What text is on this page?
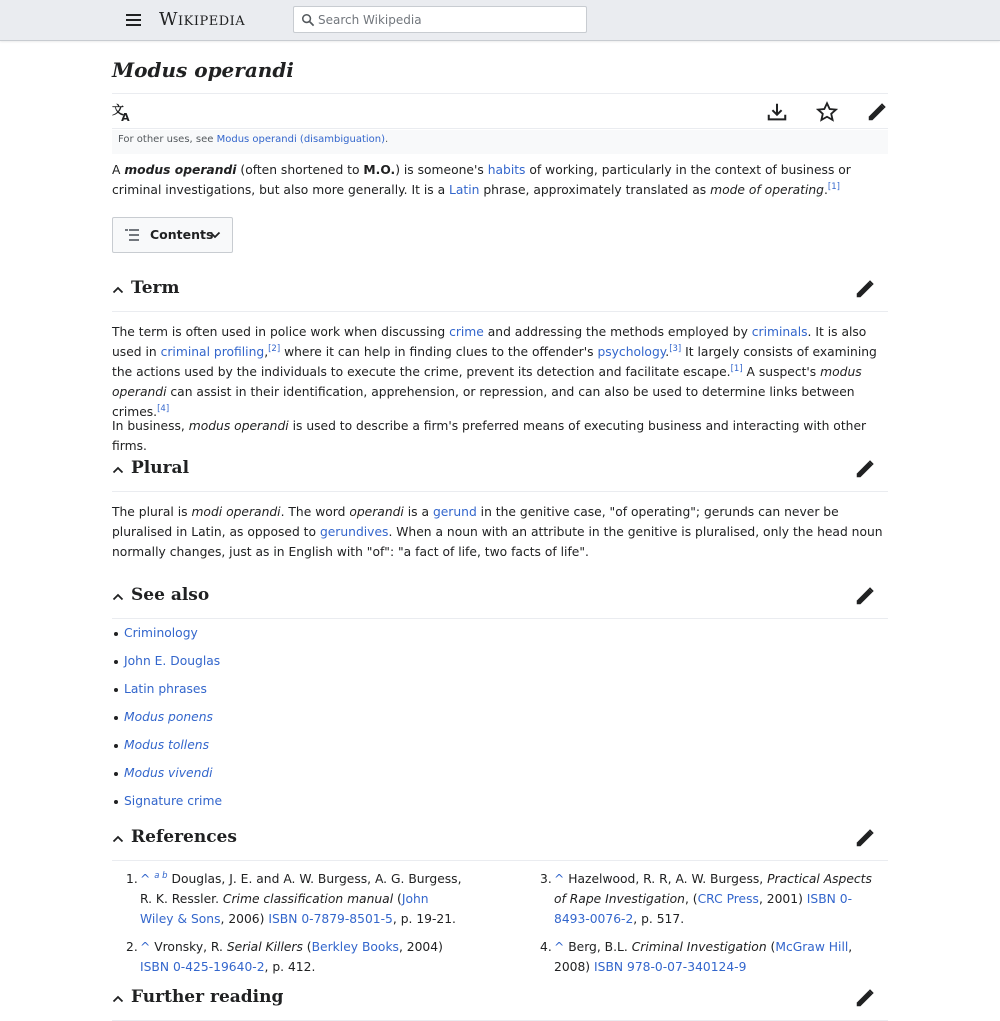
Wikipedia
Search Wikipedia
Modus operandi
文
A
For other uses, see Modus operandi (disambiguation).

A modus operandi (often shortened to M.O.) is someone's habits of working, particularly in the context of business or criminal investigations, but also more generally. It is a Latin phrase, approximately translated as mode of operating.[1]

Contents
Term

The term is often used in police work when discussing crime and addressing the methods employed by criminals. It is also used in criminal profiling,[2] where it can help in finding clues to the offender's psychology.[3] It largely consists of examining the actions used by the individuals to execute the crime, prevent its detection and facilitate escape.[1] A suspect's modus operandi can assist in their identification, apprehension, or repression, and can also be used to determine links between crimes.[4]

In business, modus operandi is used to describe a firm's preferred means of executing business and interacting with other firms.

Plural

The plural is modi operandi. The word operandi is a gerund in the genitive case, "of operating"; gerunds can never be pluralised in Latin, as opposed to gerundives. When a noun with an attribute in the genitive is pluralised, only the head noun normally changes, just as in English with "of": "a fact of life, two facts of life".

See also
Criminology
John E. Douglas
Latin phrases
Modus ponens
Modus tollens
Modus vivendi
Signature crime
References
1. ^ $^{a b}$ Douglas, J. E. and A. W. Burgess, A. G. Burgess, R. K. Ressler. Crime classification manual (John Wiley & Sons, 2006) ISBN 0-7879-8501-5, p. 19-21.
2. ^ Vronsky, R. Serial Killers (Berkley Books, 2004) ISBN 0-425-19640-2, p. 412.
3. ^ Hazelwood, R. R, A. W. Burgess, Practical Aspects of Rape Investigation, (CRC Press, 2001) ISBN 0-8493-0076-2, p. 517.
4. ^ Berg, B.L. Criminal Investigation (McGraw Hill, 2008) ISBN 978-0-07-340124-9
Further reading
